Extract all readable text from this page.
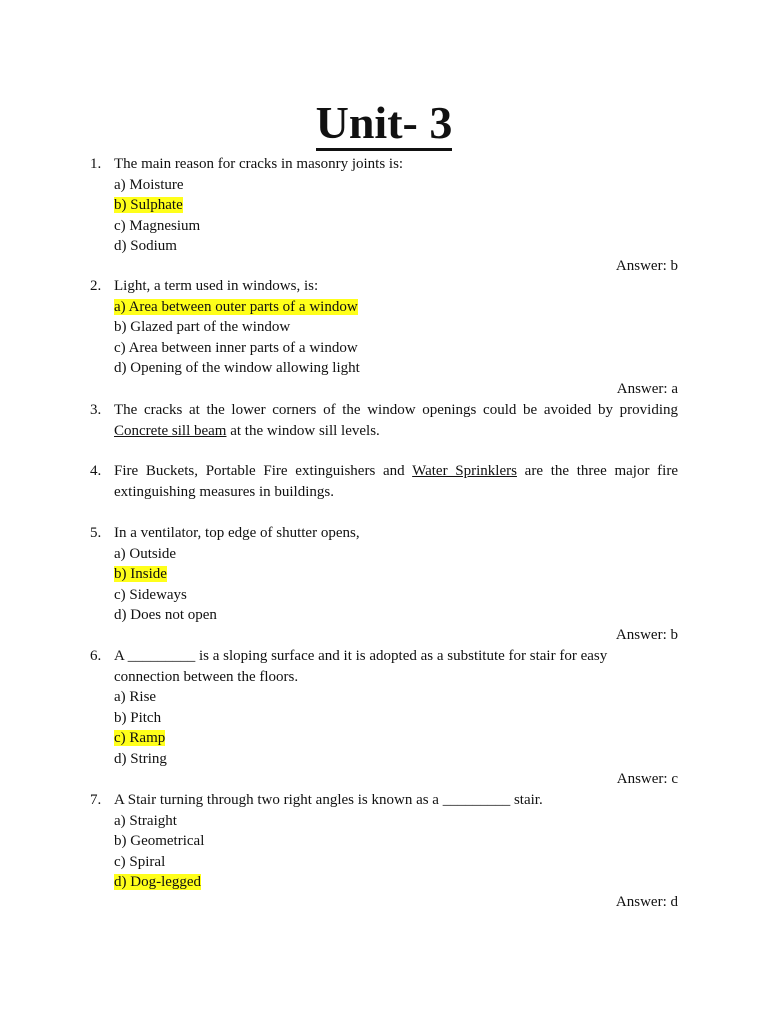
Unit- 3
1. The main reason for cracks in masonry joints is:
a) Moisture
b) Sulphate
c) Magnesium
d) Sodium
Answer: b
2. Light, a term used in windows, is:
a) Area between outer parts of a window
b) Glazed part of the window
c) Area between inner parts of a window
d) Opening of the window allowing light
Answer: a
3. The cracks at the lower corners of the window openings could be avoided by providing Concrete sill beam at the window sill levels.
4. Fire Buckets, Portable Fire extinguishers and Water Sprinklers are the three major fire extinguishing measures in buildings.
5. In a ventilator, top edge of shutter opens,
a) Outside
b) Inside
c) Sideways
d) Does not open
Answer: b
6. A _________ is a sloping surface and it is adopted as a substitute for stair for easy
connection between the floors.
a) Rise
b) Pitch
c) Ramp
d) String
Answer: c
7. A Stair turning through two right angles is known as a _________ stair.
a) Straight
b) Geometrical
c) Spiral
d) Dog-legged
Answer: d
